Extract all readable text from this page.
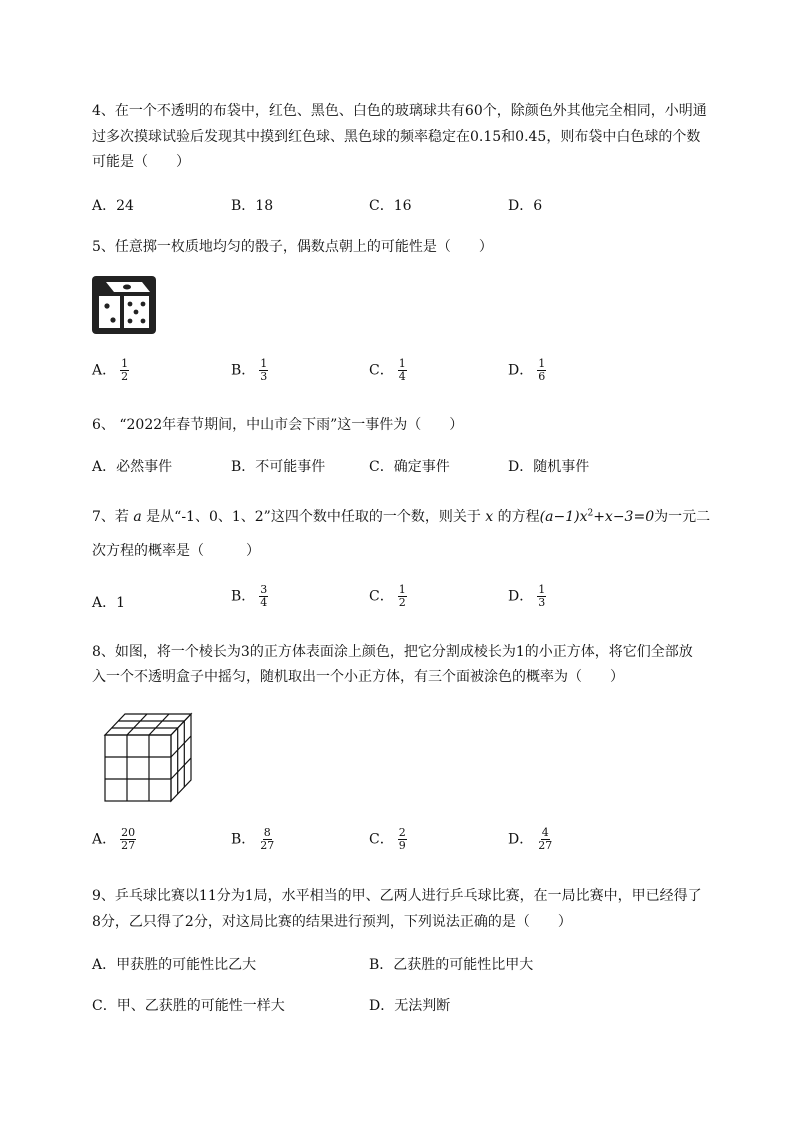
4、在一个不透明的布袋中，红色、黑色、白色的玻璃球共有60个，除颜色外其他完全相同，小明通
过多次摸球试验后发现其中摸到红色球、黑色球的频率稳定在0.15和0.45，则布袋中白色球的个数
可能是（　　）
A．24	B．18	C．16	D．6
5、任意掷一枚质地均匀的骰子，偶数点朝上的可能性是（　　）
A． $\frac{1}{2}$	B． $\frac{1}{3}$	C． $\frac{1}{4}$	D． $\frac{1}{6}$
6、 “2022年春节期间，中山市会下雨”这一事件为（　　）
A．必然事件	B．不可能事件	C．确定事件	D．随机事件
7、若 a 是从“-1、0、1、2”这四个数中任取的一个数，则关于 x 的方程$(a-1)x^2+x-3=0$为一元二
次方程的概率是（　　　）
A．1	B． $\frac{3}{4}$	C． $\frac{1}{2}$	D． $\frac{1}{3}$
8、如图，将一个棱长为3的正方体表面涂上颜色，把它分割成棱长为1的小正方体，将它们全部放
入一个不透明盒子中摇匀，随机取出一个小正方体，有三个面被涂色的概率为（　　）
A． $\frac{20}{27}$	B． $\frac{8}{27}$	C． $\frac{2}{9}$	D． $\frac{4}{27}$
9、乒乓球比赛以11分为1局，水平相当的甲、乙两人进行乒乓球比赛，在一局比赛中，甲已经得了
8分，乙只得了2分，对这局比赛的结果进行预判，下列说法正确的是（　　）
A．甲获胜的可能性比乙大	B．乙获胜的可能性比甲大
C．甲、乙获胜的可能性一样大	D．无法判断
